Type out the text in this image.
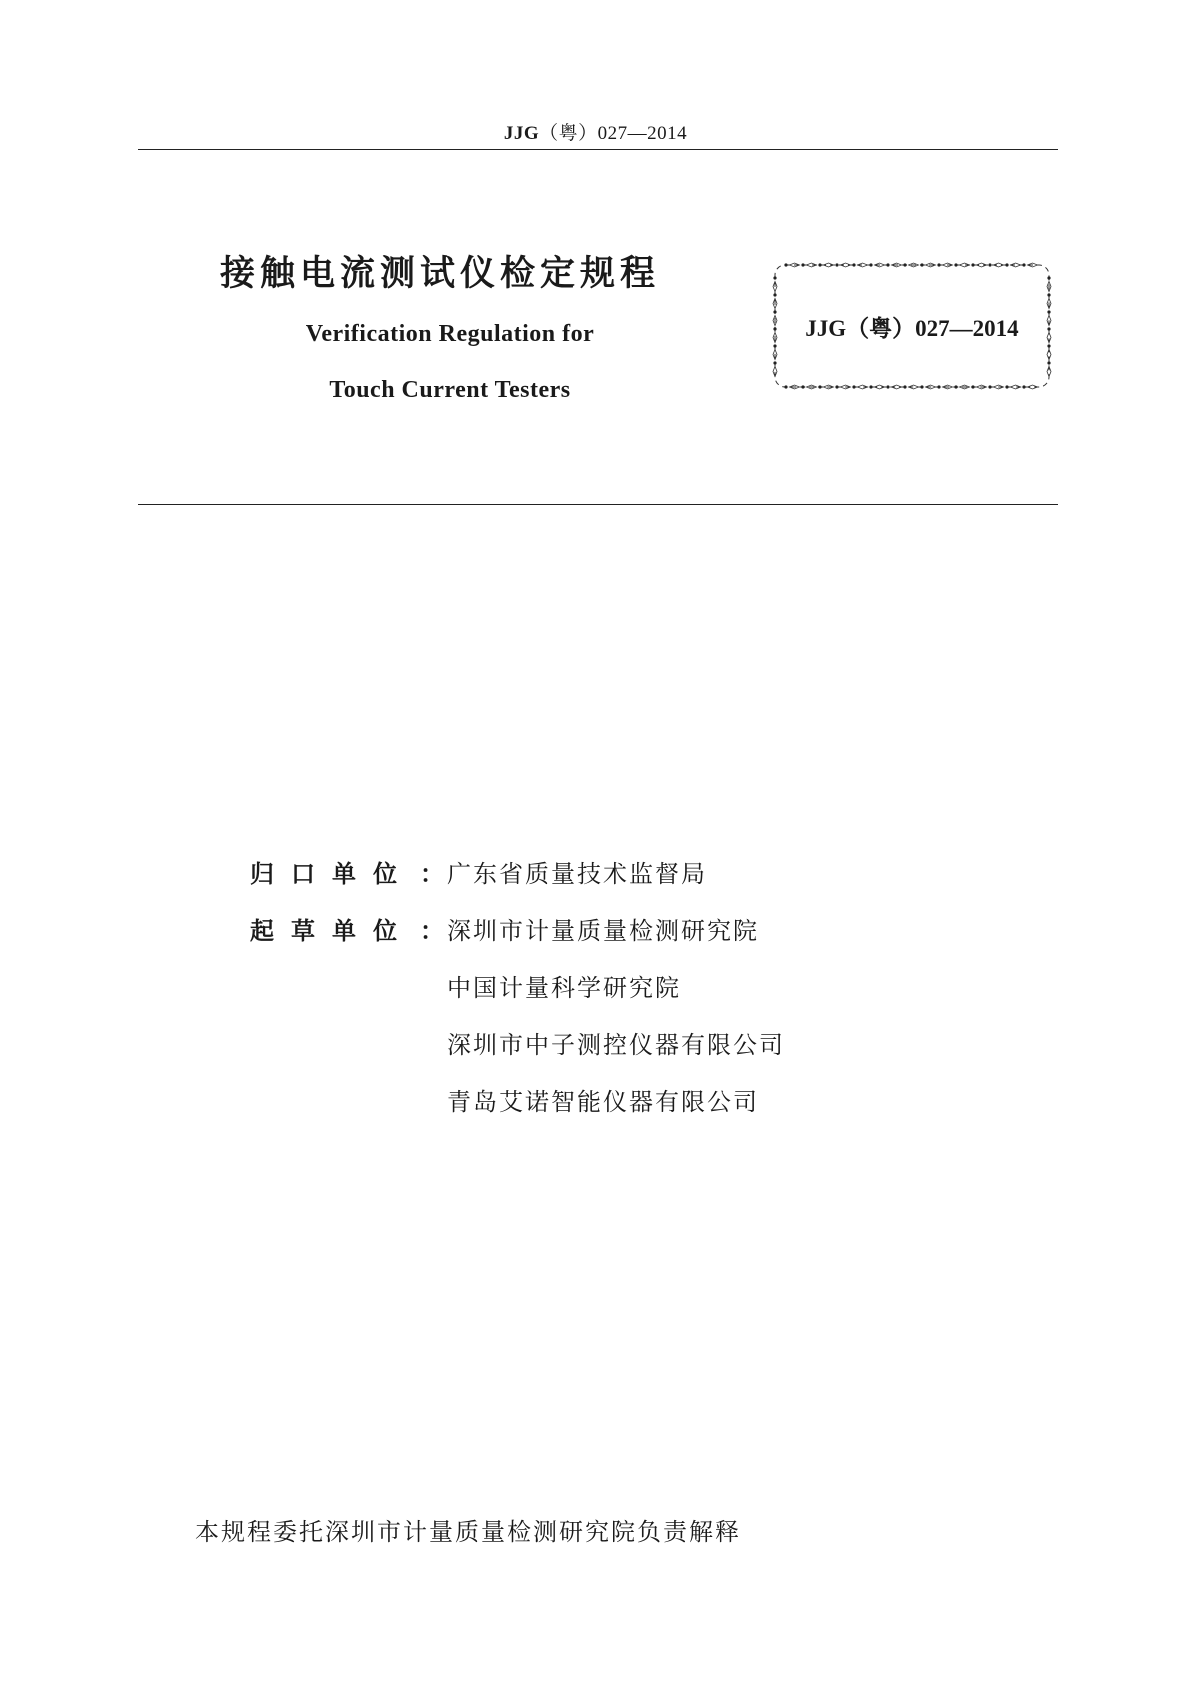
JJG（粤）027—2014
接触电流测试仪检定规程
Verification Regulation for
Touch Current Testers
JJG（粤）027—2014
归口单位 ： 广东省质量技术监督局
起草单位 ： 深圳市计量质量检测研究院
中国计量科学研究院
深圳市中子测控仪器有限公司
青岛艾诺智能仪器有限公司
本规程委托深圳市计量质量检测研究院负责解释
